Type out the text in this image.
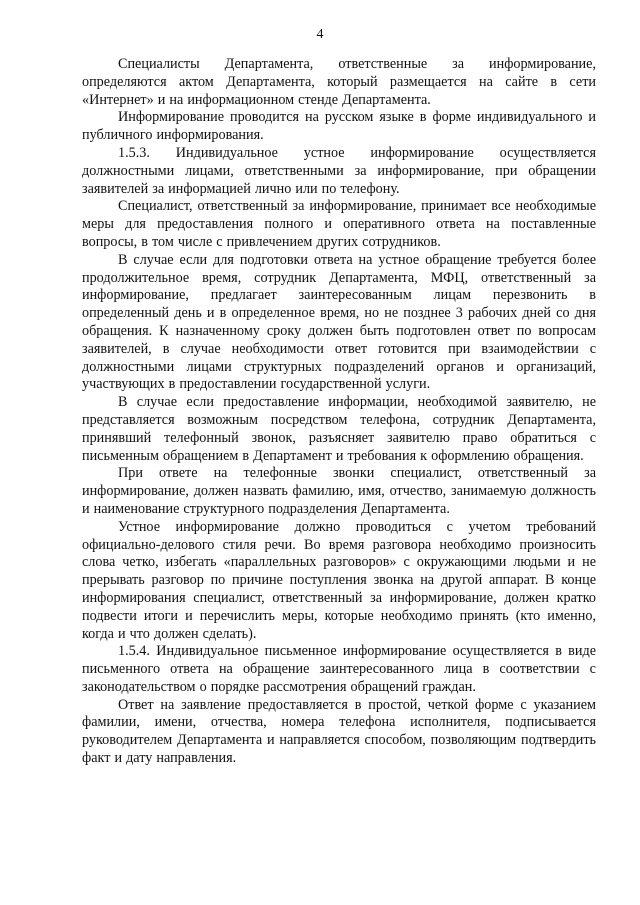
4

Специалисты Департамента, ответственные за информирование, определяются актом Департамента, который размещается на сайте в сети «Интернет» и на информационном стенде Департамента.

Информирование проводится на русском языке в форме индивидуального и публичного информирования.

1.5.3. Индивидуальное устное информирование осуществляется должностными лицами, ответственными за информирование, при обращении заявителей за информацией лично или по телефону.

Специалист, ответственный за информирование, принимает все необходимые меры для предоставления полного и оперативного ответа на поставленные вопросы, в том числе с привлечением других сотрудников.

В случае если для подготовки ответа на устное обращение требуется более продолжительное время, сотрудник Департамента, МФЦ, ответственный за информирование, предлагает заинтересованным лицам перезвонить в определенный день и в определенное время, но не позднее 3 рабочих дней со дня обращения. К назначенному сроку должен быть подготовлен ответ по вопросам заявителей, в случае необходимости ответ готовится при взаимодействии с должностными лицами структурных подразделений органов и организаций, участвующих в предоставлении государственной услуги.

В случае если предоставление информации, необходимой заявителю, не представляется возможным посредством телефона, сотрудник Департамента, принявший телефонный звонок, разъясняет заявителю право обратиться с письменным обращением в Департамент и требования к оформлению обращения.

При ответе на телефонные звонки специалист, ответственный за информирование, должен назвать фамилию, имя, отчество, занимаемую должность и наименование структурного подразделения Департамента.

Устное информирование должно проводиться с учетом требований официально-делового стиля речи. Во время разговора необходимо произносить слова четко, избегать «параллельных разговоров» с окружающими людьми и не прерывать разговор по причине поступления звонка на другой аппарат. В конце информирования специалист, ответственный за информирование, должен кратко подвести итоги и перечислить меры, которые необходимо принять (кто именно, когда и что должен сделать).

1.5.4. Индивидуальное письменное информирование осуществляется в виде письменного ответа на обращение заинтересованного лица в соответствии с законодательством о порядке рассмотрения обращений граждан.

Ответ на заявление предоставляется в простой, четкой форме с указанием фамилии, имени, отчества, номера телефона исполнителя, подписывается руководителем Департамента и направляется способом, позволяющим подтвердить факт и дату направления.
